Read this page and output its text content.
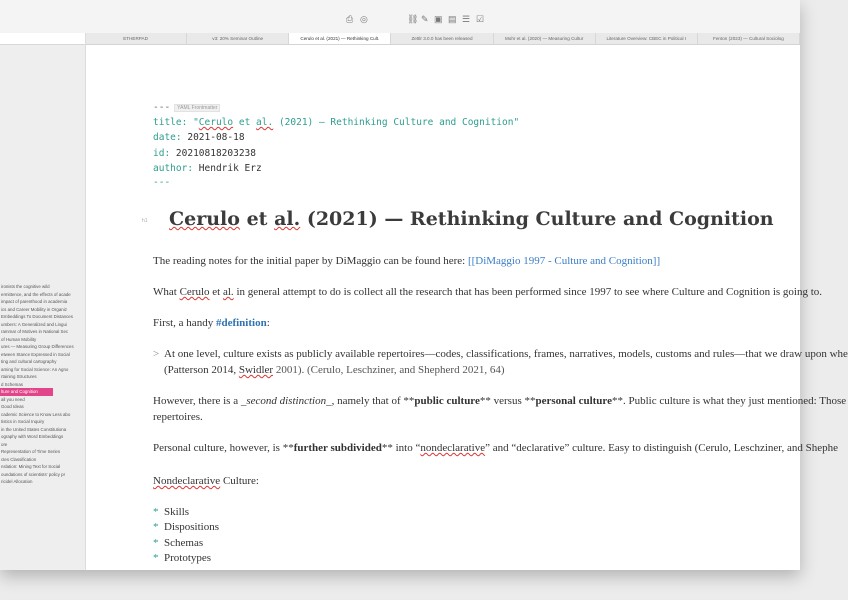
⎙ ◎	⛓ ✎ ▣ ▤ ☰ ☑
ETHERPAD	v3: 20% Seminar Outline	Cerulo et al. (2021) — Rethinking Cult.	Zettlr 3.0.0 has been released	Mohr et al. (2020) — Measuring Cultur	Literature Overview: CBEC in Political I	Fenton (2023) — Cultural Sociolog
ironists the cognitive wild
ermittence, and the effects of acade
impact of parenthood in academia
ics and Career Mobility in Organiz
Embeddings To Document Distances
umbers: A Generalized and Lingui
rammar of Motives in National Sec
of Human Mobility
ures — Measuring Group Differences
etween Stance Expressed in Social
ting and cultural cartography
arning for Social Science: An Agno
rtaining Structures
d Schemas
lture and Cognition
all you need
Good Ideas
cademic Science to Know Less abo
tistics in Social Inquiry
in the United States Constitutiona
ography with Word Embeddings
ore
Representation of Time Series
ctes Classification
nslation: Mining Text for Social
oundations of scientists' policy pr
ricidel Allocation
--- YAML Frontmatter
title: "Cerulo et al. (2021) — Rethinking Culture and Cognition"
date: 2021-08-18
id: 20210818203238
author: Hendrik Erz
---
h1 Cerulo et al. (2021) — Rethinking Culture and Cognition
The reading notes for the initial paper by DiMaggio can be found here: [[DiMaggio 1997 - Culture and Cognition]]
What Cerulo et al. in general attempt to do is collect all the research that has been performed since 1997 to see where Culture and Cognition is going to.
First, a handy #definition:
> At one level, culture exists as publicly available repertoires—codes, classifications, frames, narratives, models, customs and rules—that we draw upon whe
(Patterson 2014, Swidler 2001). (Cerulo, Leschziner, and Shepherd 2021, 64)
However, there is a _second distinction_, namely that of **public culture** versus **personal culture**. Public culture is what they just mentioned: Those
repertoires.
Personal culture, however, is **further subdivided** into “nondeclarative” and “declarative” culture. Easy to distinguish (Cerulo, Leschziner, and Shephe
Nondeclarative Culture:
* Skills
* Dispositions
* Schemas
* Prototypes
